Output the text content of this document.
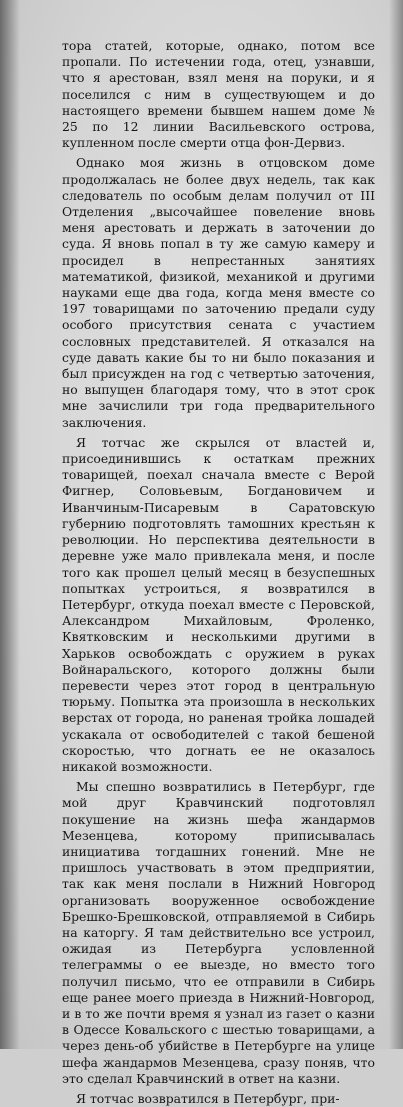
тора статей, которые, однако, потом все пропали. По истечении года, отец, узнавши, что я арестован, взял меня на поруки, и я поселился с ним в существующем и до настоящего времени бывшем нашем доме № 25 по 12 линии Васильевского острова, купленном после смерти отца фон-Дервиз.

Однако моя жизнь в отцовском доме продолжалась не более двух недель, так как следователь по особым делам получил от III Отделения „высочайшее повеление вновь меня арестовать и держать в заточении до суда. Я вновь попал в ту же самую камеру и просидел в непрестанных занятиях математикой, физикой, механикой и другими науками еще два года, когда меня вместе со 197 товарищами по заточению предали суду особого присутствия сената с участием сословных представителей. Я отказался на суде давать какие бы то ни было показания и был присужден на год с четвертью заточения, но выпущен благодаря тому, что в этот срок мне зачислили три года предварительного заключения.

Я тотчас же скрылся от властей и, присоединившись к остаткам прежних товарищей, поехал сначала вместе с Верой Фигнер, Соловьевым, Богдановичем и Иванчиным-Писаревым в Саратовскую губернию подготовлять тамошних крестьян к революции. Но перспектива деятельности в деревне уже мало привлекала меня, и после того как прошел целый месяц в безуспешных попытках устроиться, я возвратился в Петербург, откуда поехал вместе с Перовской, Александром Михайловым, Фроленко, Квятковским и несколькими другими в Харьков освобождать с оружием в руках Войнаральского, которого должны были перевести через этот город в центральную тюрьму. Попытка эта произошла в нескольких верстах от города, но раненая тройка лошадей ускакала от освободителей с такой бешеной скоростью, что догнать ее не оказалось никакой возможности.

Мы спешно возвратились в Петербург, где мой друг Кравчинский подготовлял покушение на жизнь шефа жандармов Мезенцева, которому приписывалась инициатива тогдашних гонений. Мне не пришлось участвовать в этом предприятии, так как меня послали в Нижний Новгород организовать вооруженное освобождение Брешко-Брешковской, отправляемой в Сибирь на каторгу. Я там действительно все устроил, ожидая из Петербурга условленной телеграммы о ее выезде, но вместо того получил письмо, что ее отправили в Сибирь еще ранее моего приезда в Нижний-Новгород, и в то же почти время я узнал из газет о казни в Одессе Ковальского с шестью товарищами, а через день-об убийстве в Петербурге на улице шефа жандармов Мезенцева, сразу поняв, что это сделал Кравчинский в ответ на казни.

Я тотчас возвратился в Петербург, при-
